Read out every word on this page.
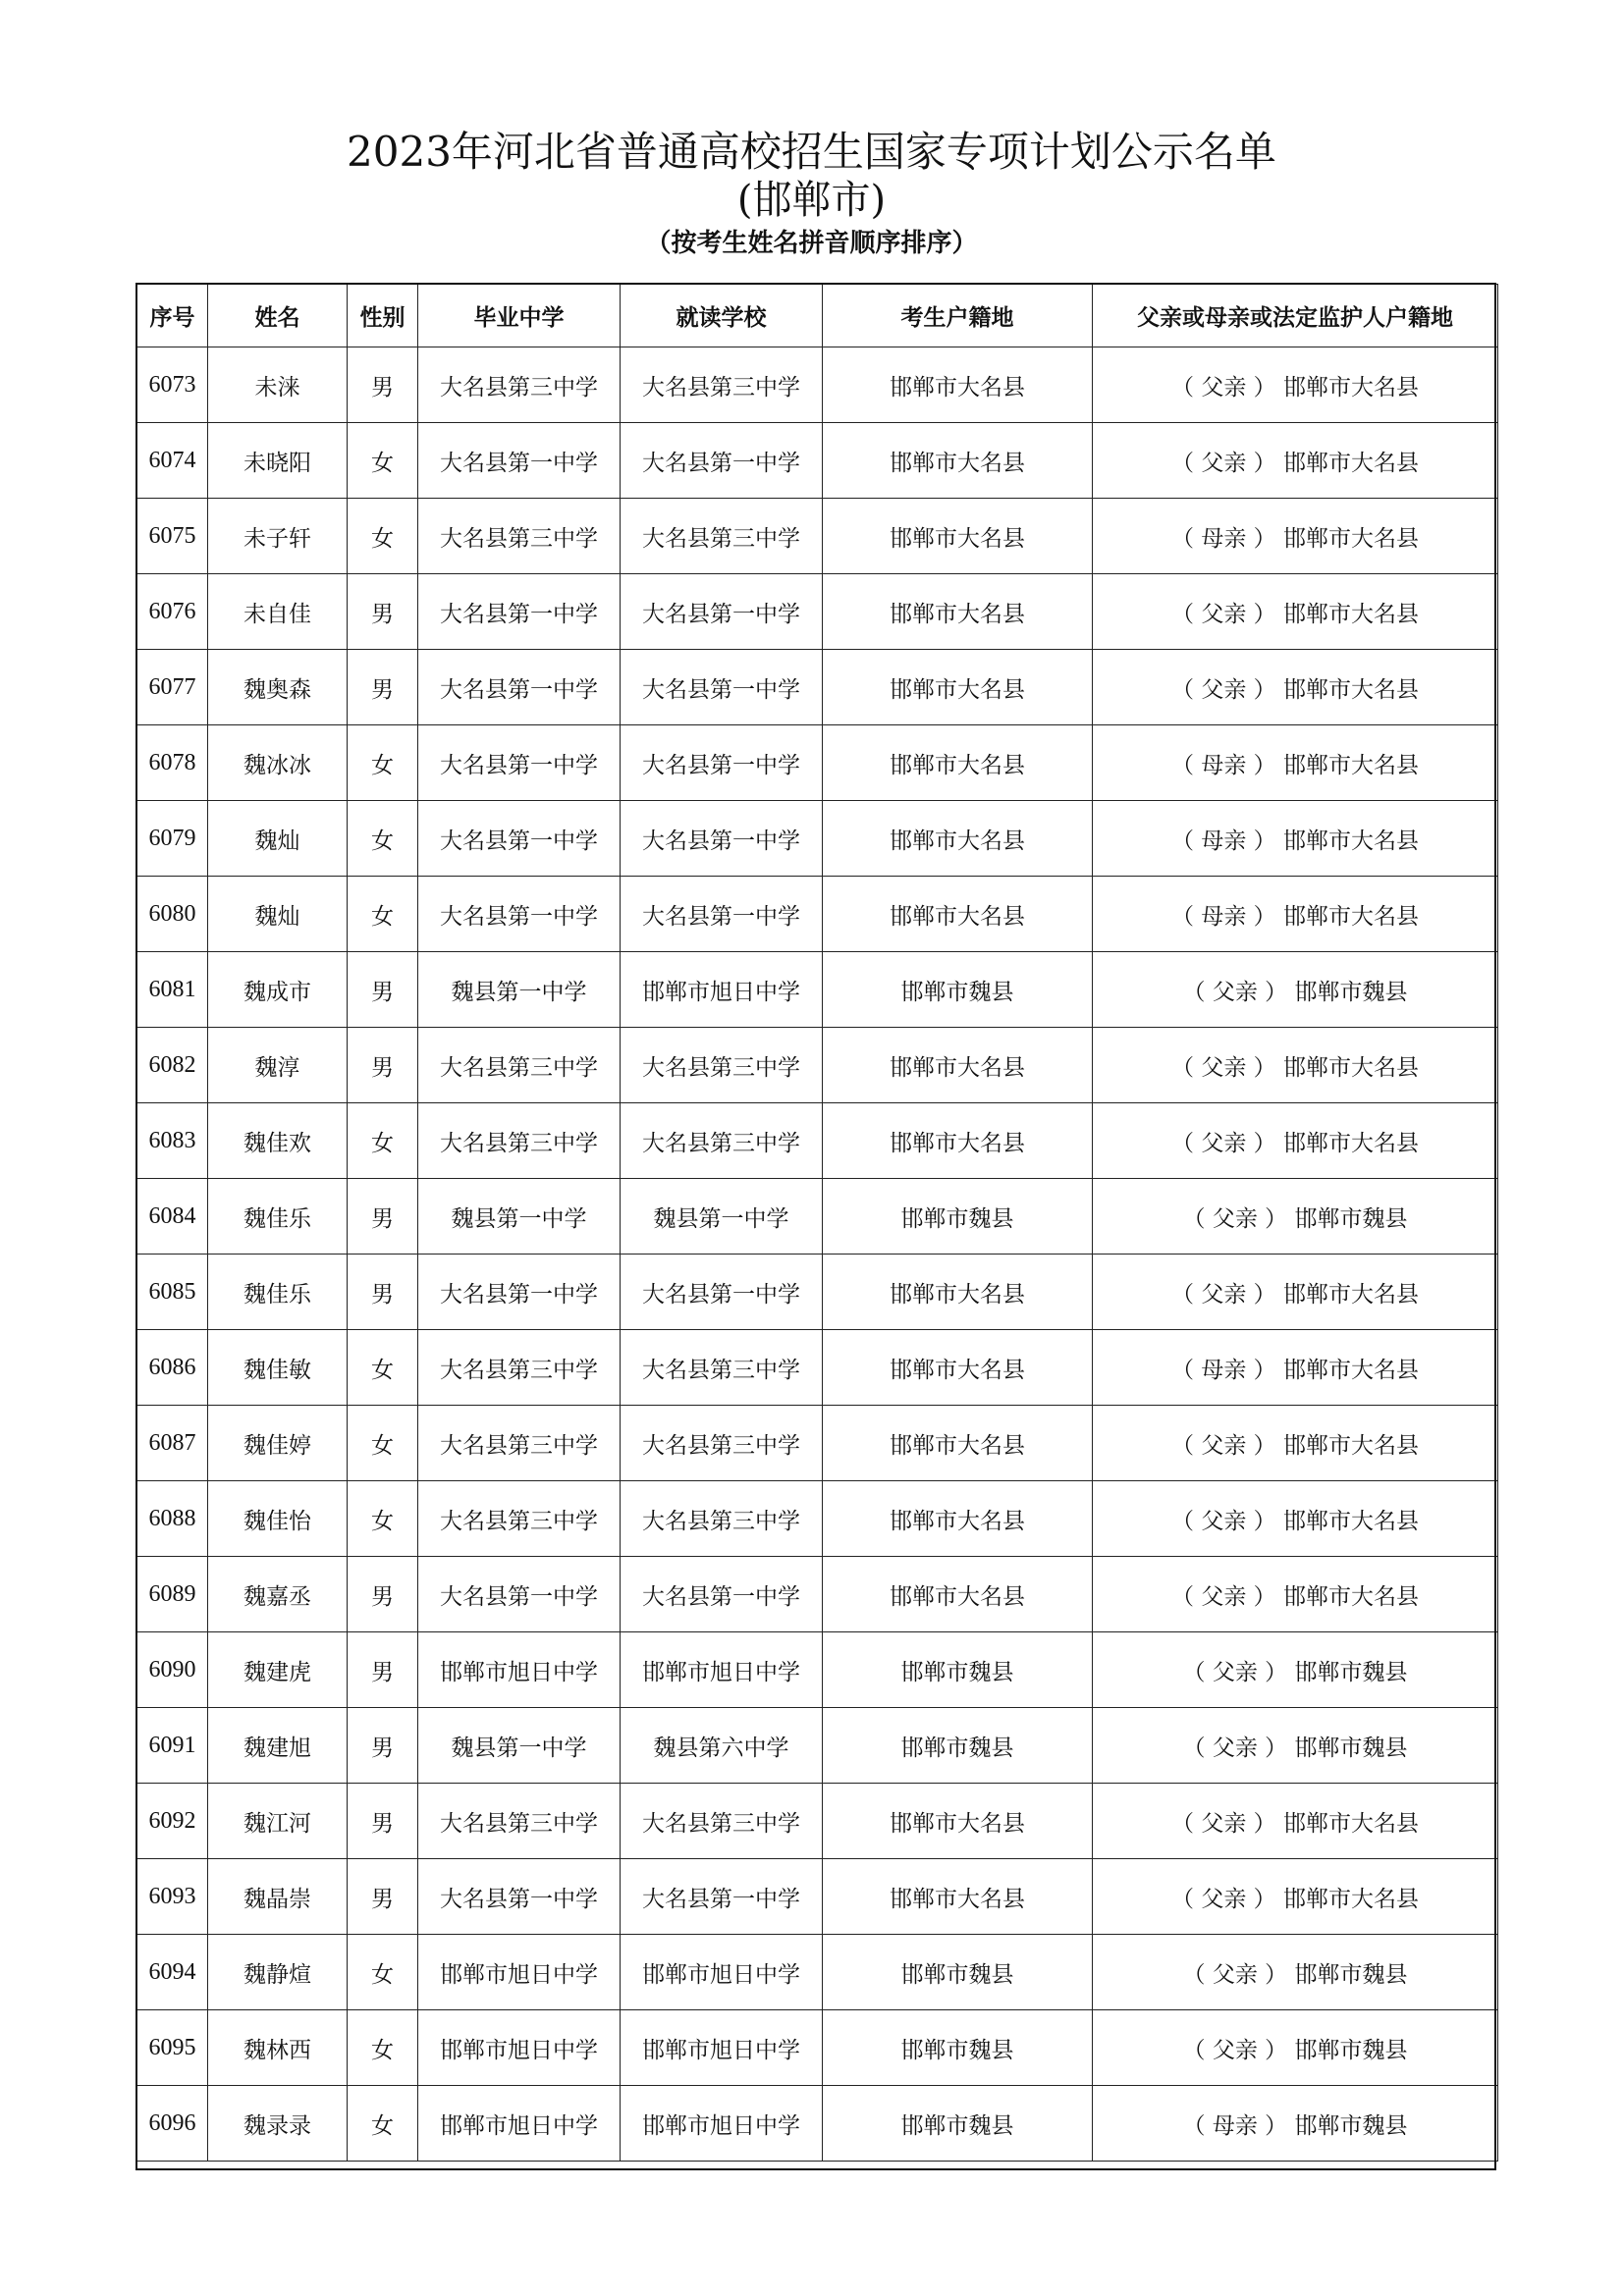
2023年河北省普通高校招生国家专项计划公示名单
(邯郸市)
（按考生姓名拼音顺序排序）
序号	姓名	性别	毕业中学	就读学校	考生户籍地	父亲或母亲或法定监护人户籍地
6073	未涞	男	大名县第三中学	大名县第三中学	邯郸市大名县	（ 父亲 ） 邯郸市大名县
6074	未晓阳	女	大名县第一中学	大名县第一中学	邯郸市大名县	（ 父亲 ） 邯郸市大名县
6075	未子轩	女	大名县第三中学	大名县第三中学	邯郸市大名县	（ 母亲 ） 邯郸市大名县
6076	未自佳	男	大名县第一中学	大名县第一中学	邯郸市大名县	（ 父亲 ） 邯郸市大名县
6077	魏奥森	男	大名县第一中学	大名县第一中学	邯郸市大名县	（ 父亲 ） 邯郸市大名县
6078	魏冰冰	女	大名县第一中学	大名县第一中学	邯郸市大名县	（ 母亲 ） 邯郸市大名县
6079	魏灿	女	大名县第一中学	大名县第一中学	邯郸市大名县	（ 母亲 ） 邯郸市大名县
6080	魏灿	女	大名县第一中学	大名县第一中学	邯郸市大名县	（ 母亲 ） 邯郸市大名县
6081	魏成市	男	魏县第一中学	邯郸市旭日中学	邯郸市魏县	（ 父亲 ） 邯郸市魏县
6082	魏淳	男	大名县第三中学	大名县第三中学	邯郸市大名县	（ 父亲 ） 邯郸市大名县
6083	魏佳欢	女	大名县第三中学	大名县第三中学	邯郸市大名县	（ 父亲 ） 邯郸市大名县
6084	魏佳乐	男	魏县第一中学	魏县第一中学	邯郸市魏县	（ 父亲 ） 邯郸市魏县
6085	魏佳乐	男	大名县第一中学	大名县第一中学	邯郸市大名县	（ 父亲 ） 邯郸市大名县
6086	魏佳敏	女	大名县第三中学	大名县第三中学	邯郸市大名县	（ 母亲 ） 邯郸市大名县
6087	魏佳婷	女	大名县第三中学	大名县第三中学	邯郸市大名县	（ 父亲 ） 邯郸市大名县
6088	魏佳怡	女	大名县第三中学	大名县第三中学	邯郸市大名县	（ 父亲 ） 邯郸市大名县
6089	魏嘉丞	男	大名县第一中学	大名县第一中学	邯郸市大名县	（ 父亲 ） 邯郸市大名县
6090	魏建虎	男	邯郸市旭日中学	邯郸市旭日中学	邯郸市魏县	（ 父亲 ） 邯郸市魏县
6091	魏建旭	男	魏县第一中学	魏县第六中学	邯郸市魏县	（ 父亲 ） 邯郸市魏县
6092	魏江河	男	大名县第三中学	大名县第三中学	邯郸市大名县	（ 父亲 ） 邯郸市大名县
6093	魏晶崇	男	大名县第一中学	大名县第一中学	邯郸市大名县	（ 父亲 ） 邯郸市大名县
6094	魏静煊	女	邯郸市旭日中学	邯郸市旭日中学	邯郸市魏县	（ 父亲 ） 邯郸市魏县
6095	魏林西	女	邯郸市旭日中学	邯郸市旭日中学	邯郸市魏县	（ 父亲 ） 邯郸市魏县
6096	魏录录	女	邯郸市旭日中学	邯郸市旭日中学	邯郸市魏县	（ 母亲 ） 邯郸市魏县
